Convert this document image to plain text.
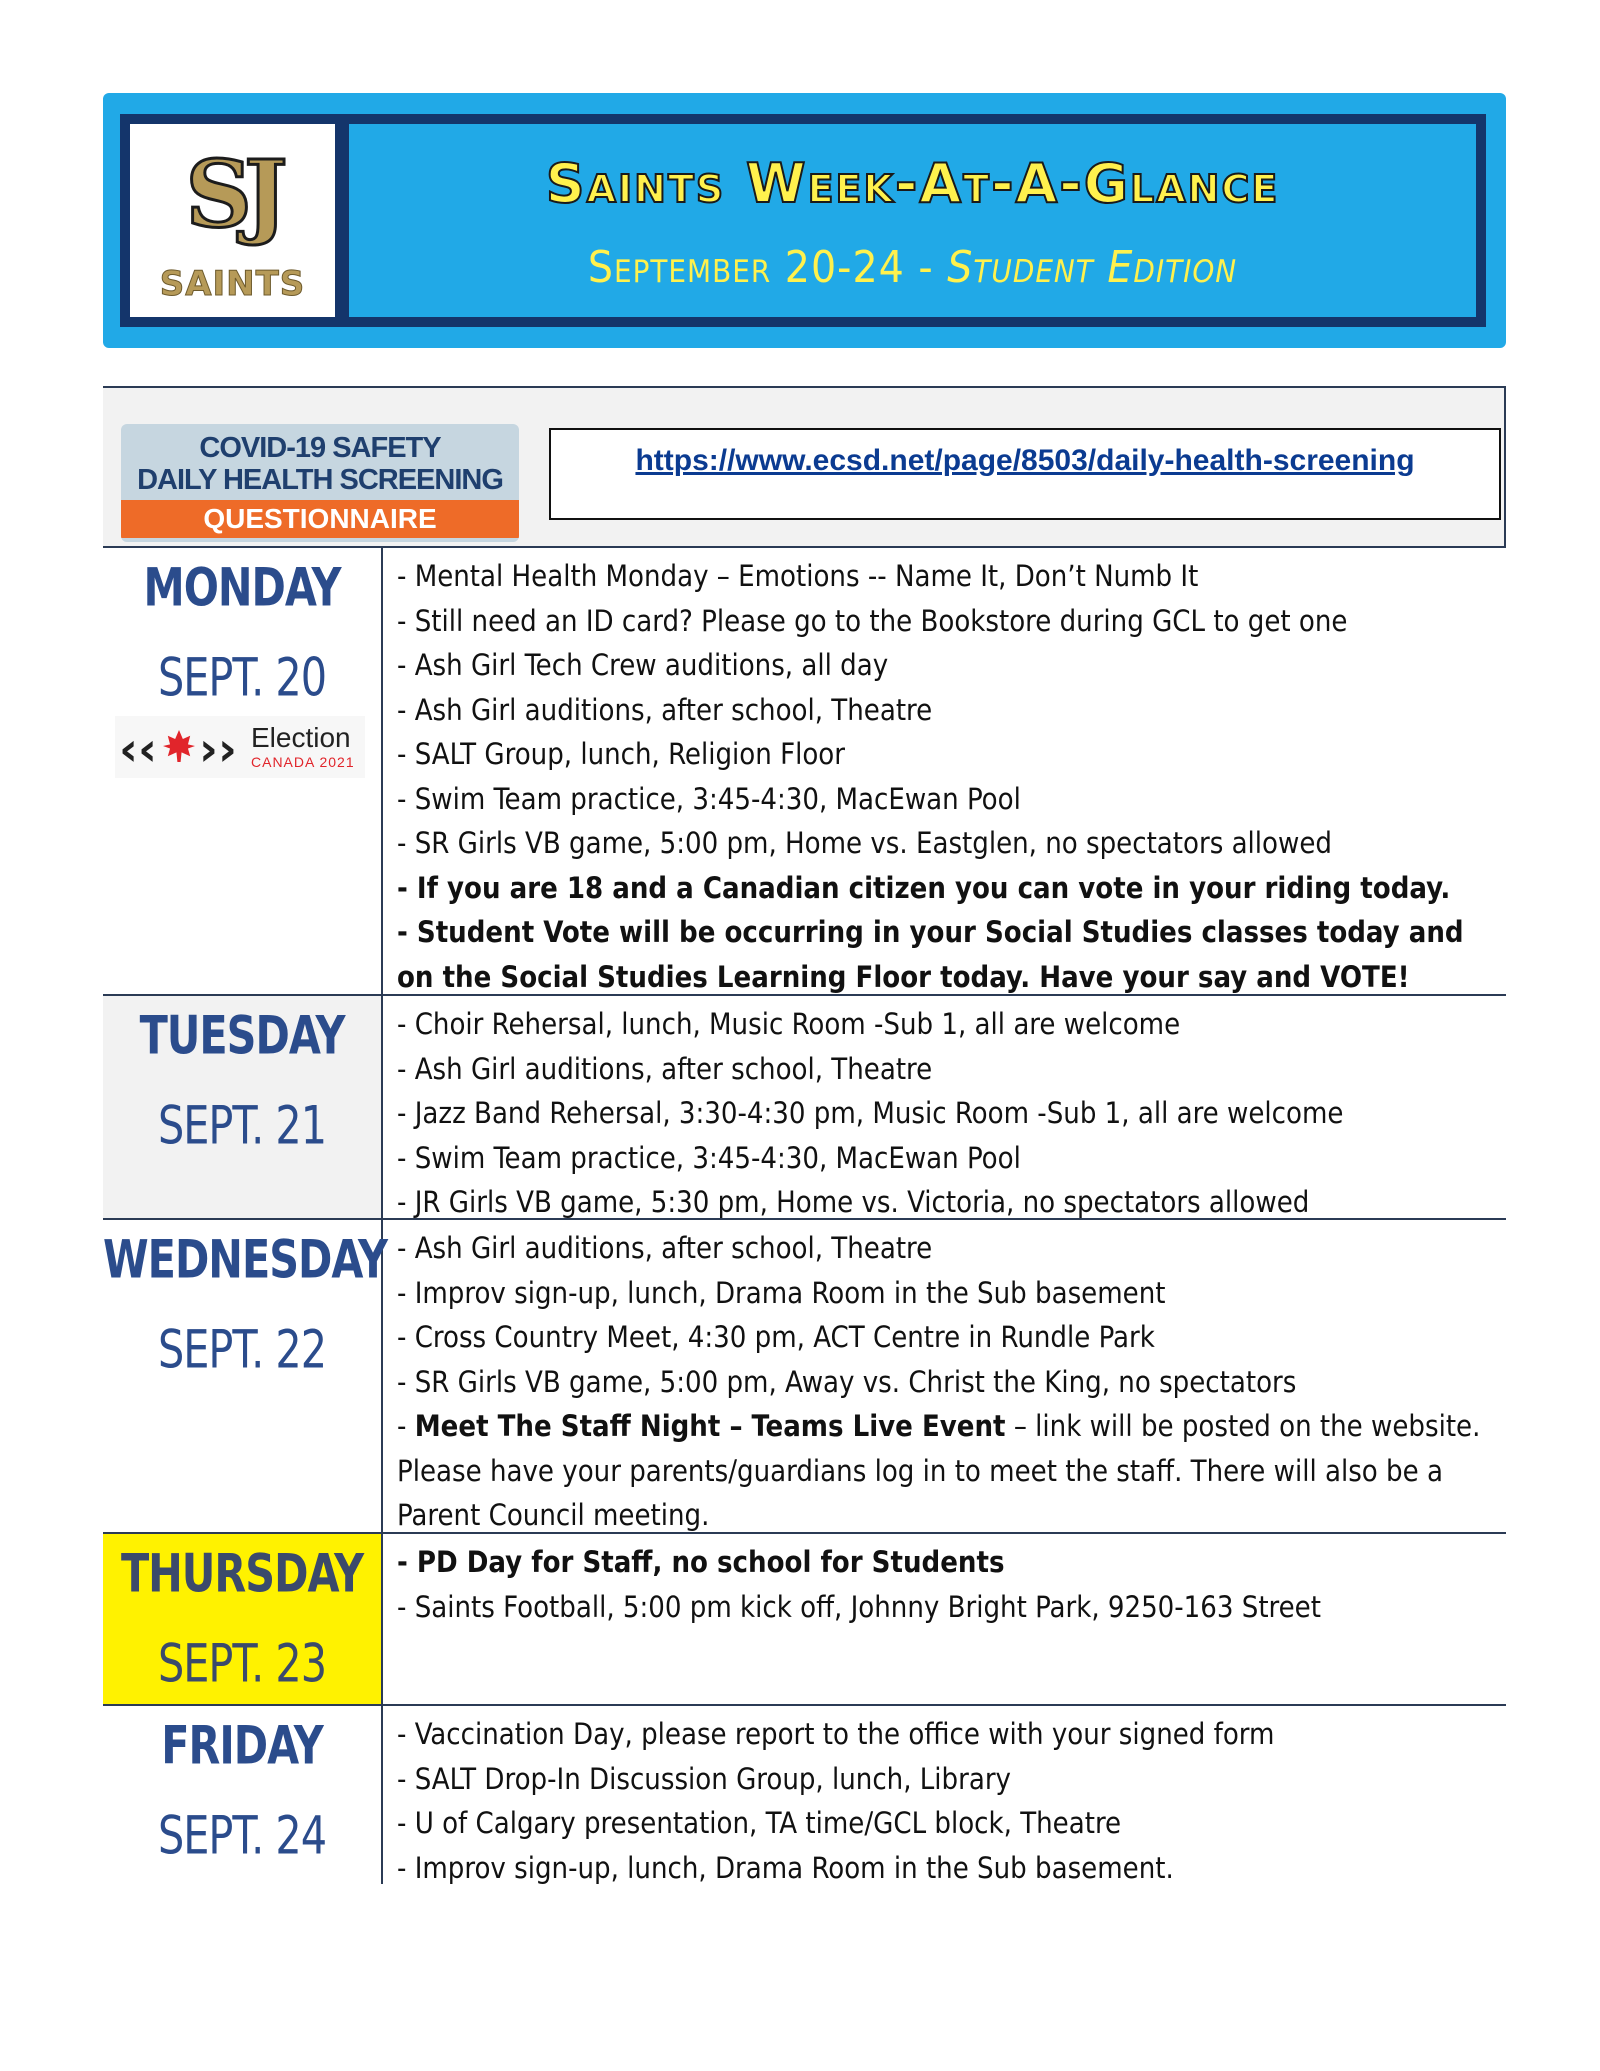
SJ
SAINTS
Saints Week-At-A-Glance
September 20-24 - Student Edition
COVID-19 SAFETY
DAILY HEALTH SCREENING
QUESTIONNAIRE
https://www.ecsd.net/page/8503/daily-health-screening
MONDAY
SEPT. 20
‹‹ ›› Election
CANADA 2021
- Mental Health Monday – Emotions -- Name It, Don’t Numb It
- Still need an ID card? Please go to the Bookstore during GCL to get one
- Ash Girl Tech Crew auditions, all day
- Ash Girl auditions, after school, Theatre
- SALT Group, lunch, Religion Floor
- Swim Team practice, 3:45-4:30, MacEwan Pool
- SR Girls VB game, 5:00 pm, Home vs. Eastglen, no spectators allowed
- If you are 18 and a Canadian citizen you can vote in your riding today.
- Student Vote will be occurring in your Social Studies classes today and on the Social Studies Learning Floor today. Have your say and VOTE!
TUESDAY
SEPT. 21
- Choir Rehersal, lunch, Music Room -Sub 1, all are welcome
- Ash Girl auditions, after school, Theatre
- Jazz Band Rehersal, 3:30-4:30 pm, Music Room -Sub 1, all are welcome
- Swim Team practice, 3:45-4:30, MacEwan Pool
- JR Girls VB game, 5:30 pm, Home vs. Victoria, no spectators allowed
WEDNESDAY
SEPT. 22
- Ash Girl auditions, after school, Theatre
- Improv sign-up, lunch, Drama Room in the Sub basement
- Cross Country Meet, 4:30 pm, ACT Centre in Rundle Park
- SR Girls VB game, 5:00 pm, Away vs. Christ the King, no spectators
- Meet The Staff Night – Teams Live Event – link will be posted on the website. Please have your parents/guardians log in to meet the staff. There will also be a Parent Council meeting.
THURSDAY
SEPT. 23
- PD Day for Staff, no school for Students
- Saints Football, 5:00 pm kick off, Johnny Bright Park, 9250-163 Street
FRIDAY
SEPT. 24
- Vaccination Day, please report to the office with your signed form
- SALT Drop-In Discussion Group, lunch, Library
- U of Calgary presentation, TA time/GCL block, Theatre
- Improv sign-up, lunch, Drama Room in the Sub basement.
